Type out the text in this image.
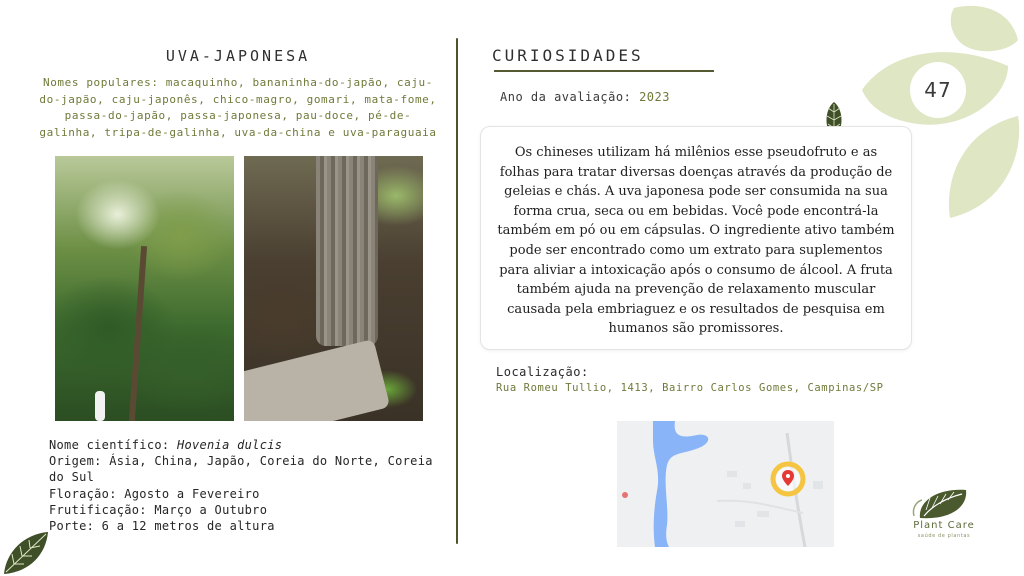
47
UVA-JAPONESA
Nomes populares: macaquinho, bananinha-do-japão, caju-do-japão, caju-japonês, chico-magro, gomari, mata-fome, passa-do-japão, passa-japonesa, pau-doce, pé-de-galinha, tripa-de-galinha, uva-da-china e uva-paraguaia
Nome científico: Hovenia dulcis
Origem: Ásia, China, Japão, Coreia do Norte, Coreia do Sul
Floração: Agosto a Fevereiro
Frutificação: Março a Outubro
Porte: 6 a 12 metros de altura
CURIOSIDADES
Ano da avaliação: 2023

Os chineses utilizam há milênios esse pseudofruto e as folhas para tratar diversas doenças através da produção de geleias e chás. A uva japonesa pode ser consumida na sua forma crua, seca ou em bebidas. Você pode encontrá-la também em pó ou em cápsulas. O ingrediente ativo também pode ser encontrado como um extrato para suplementos para aliviar a intoxicação após o consumo de álcool. A fruta também ajuda na prevenção de relaxamento muscular causada pela embriaguez e os resultados de pesquisa em humanos são promissores.

Localização:
Rua Romeu Tullio, 1413, Bairro Carlos Gomes, Campinas/SP
Plant Care
saúde de plantas
